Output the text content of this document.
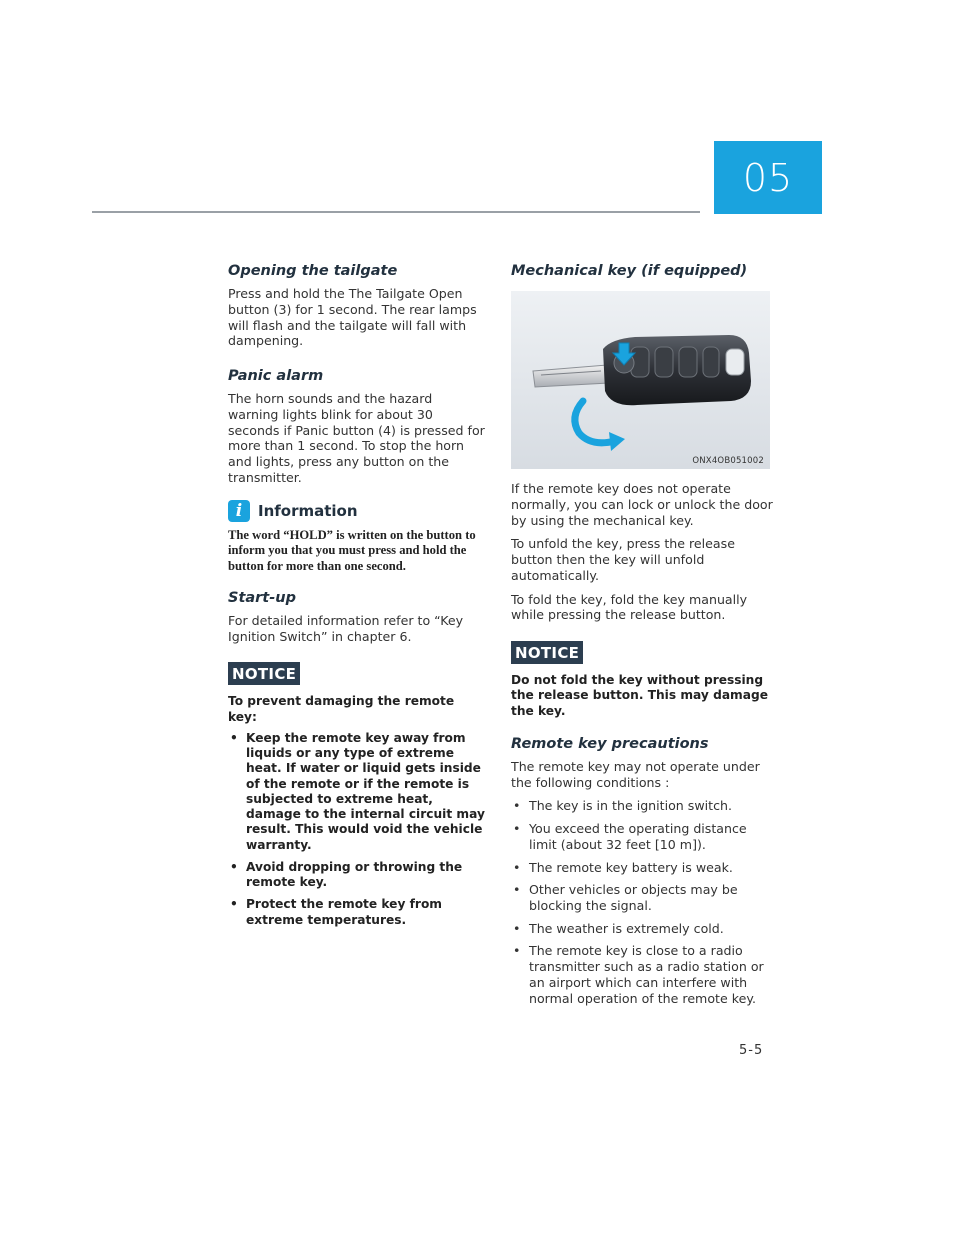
05
Opening the tailgate

Press and hold the The Tailgate Open button (3) for 1 second. The rear lamps will flash and the tailgate will fall with dampening.

Panic alarm

The horn sounds and the hazard warning lights blink for about 30 seconds if Panic button (4) is pressed for more than 1 second. To stop the horn and lights, press any button on the transmitter.

i	Information
The word “HOLD” is written on the button to inform you that you must press and hold the button for more than one second.
Start-up

For detailed information refer to “Key Ignition Switch” in chapter 6.

NOTICE
To prevent damaging the remote key:
• Keep the remote key away from liquids or any type of extreme heat. If water or liquid gets inside of the remote or if the remote is subjected to extreme heat, damage to the internal circuit may result. This would void the vehicle warranty.
• Avoid dropping or throwing the remote key.
• Protect the remote key from extreme temperatures.
Mechanical key (if equipped)
ONX4OB051002

If the remote key does not operate normally, you can lock or unlock the door by using the mechanical key.

To unfold the key, press the release button then the key will unfold automatically.

To fold the key, fold the key manually while pressing the release button.

NOTICE
Do not fold the key without pressing the release button. This may damage the key.
Remote key precautions

The remote key may not operate under the following conditions :

• The key is in the ignition switch.
• You exceed the operating distance limit (about 32 feet [10 m]).
• The remote key battery is weak.
• Other vehicles or objects may be blocking the signal.
• The weather is extremely cold.
• The remote key is close to a radio transmitter such as a radio station or an airport which can interfere with normal operation of the remote key.
5-5
